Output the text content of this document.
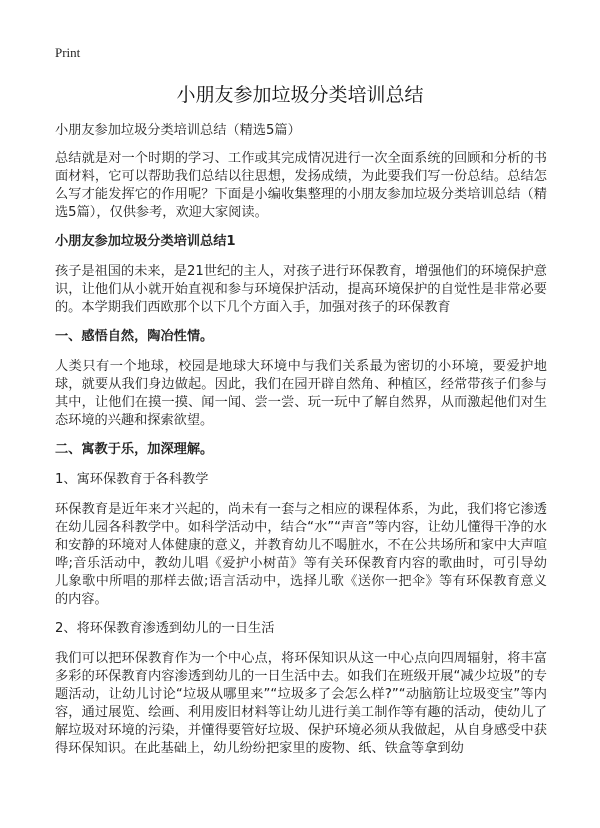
Print
小朋友参加垃圾分类培训总结

小朋友参加垃圾分类培训总结（精选5篇）

总结就是对一个时期的学习、工作或其完成情况进行一次全面系统的回顾和分析的书面材料，它可以帮助我们总结以往思想，发扬成绩，为此要我们写一份总结。总结怎么写才能发挥它的作用呢？下面是小编收集整理的小朋友参加垃圾分类培训总结（精选5篇），仅供参考，欢迎大家阅读。

小朋友参加垃圾分类培训总结1

孩子是祖国的未来，是21世纪的主人，对孩子进行环保教育，增强他们的环境保护意识，让他们从小就开始直视和参与环境保护活动，提高环境保护的自觉性是非常必要的。本学期我们西欧那个以下几个方面入手，加强对孩子的环保教育

一、感悟自然，陶冶性情。

人类只有一个地球，校园是地球大环境中与我们关系最为密切的小环境，要爱护地球，就要从我们身边做起。因此，我们在园开辟自然角、种植区，经常带孩子们参与其中，让他们在摸一摸、闻一闻、尝一尝、玩一玩中了解自然界，从而激起他们对生态环境的兴趣和探索欲望。

二、寓教于乐，加深理解。

1、寓环保教育于各科教学

环保教育是近年来才兴起的，尚未有一套与之相应的课程体系，为此，我们将它渗透在幼儿园各科教学中。如科学活动中，结合“水”“声音”等内容，让幼儿懂得干净的水和安静的环境对人体健康的意义，并教育幼儿不喝脏水，不在公共场所和家中大声喧哗;音乐活动中，教幼儿唱《爱护小树苗》等有关环保教育内容的歌曲时，可引导幼儿象歌中所唱的那样去做;语言活动中，选择儿歌《送你一把伞》等有环保教育意义的内容。

2、将环保教育渗透到幼儿的一日生活

我们可以把环保教育作为一个中心点，将环保知识从这一中心点向四周辐射，将丰富多彩的环保教育内容渗透到幼儿的一日生活中去。如我们在班级开展“减少垃圾”的专题活动，让幼儿讨论“垃圾从哪里来”“垃圾多了会怎么样?”“动脑筋让垃圾变宝”等内容，通过展览、绘画、利用废旧材料等让幼儿进行美工制作等有趣的活动，使幼儿了解垃圾对环境的污染，并懂得要管好垃圾、保护环境必须从我做起，从自身感受中获得环保知识。在此基础上，幼儿纷纷把家里的废物、纸、铁盒等拿到幼
